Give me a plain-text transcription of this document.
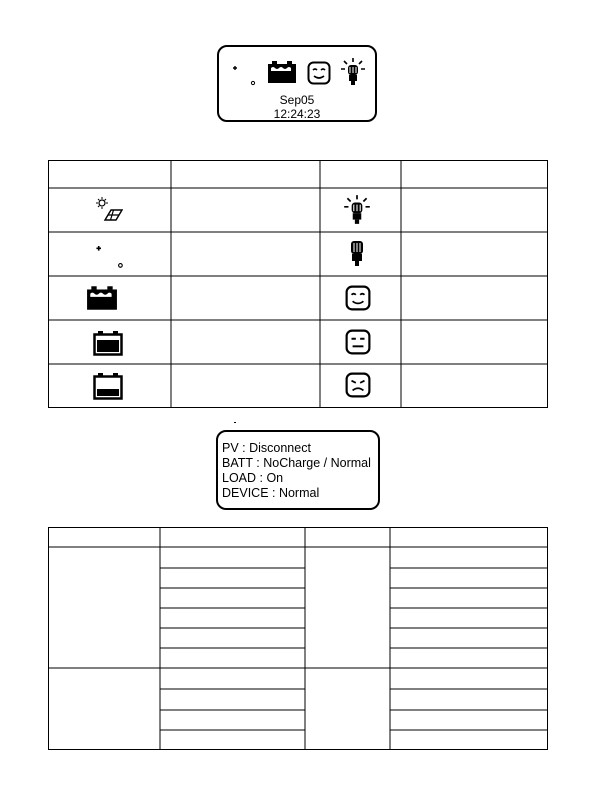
Sep05
12:24:23
PV : Disconnect
BATT : NoCharge / Normal
LOAD : On
DEVICE : Normal
